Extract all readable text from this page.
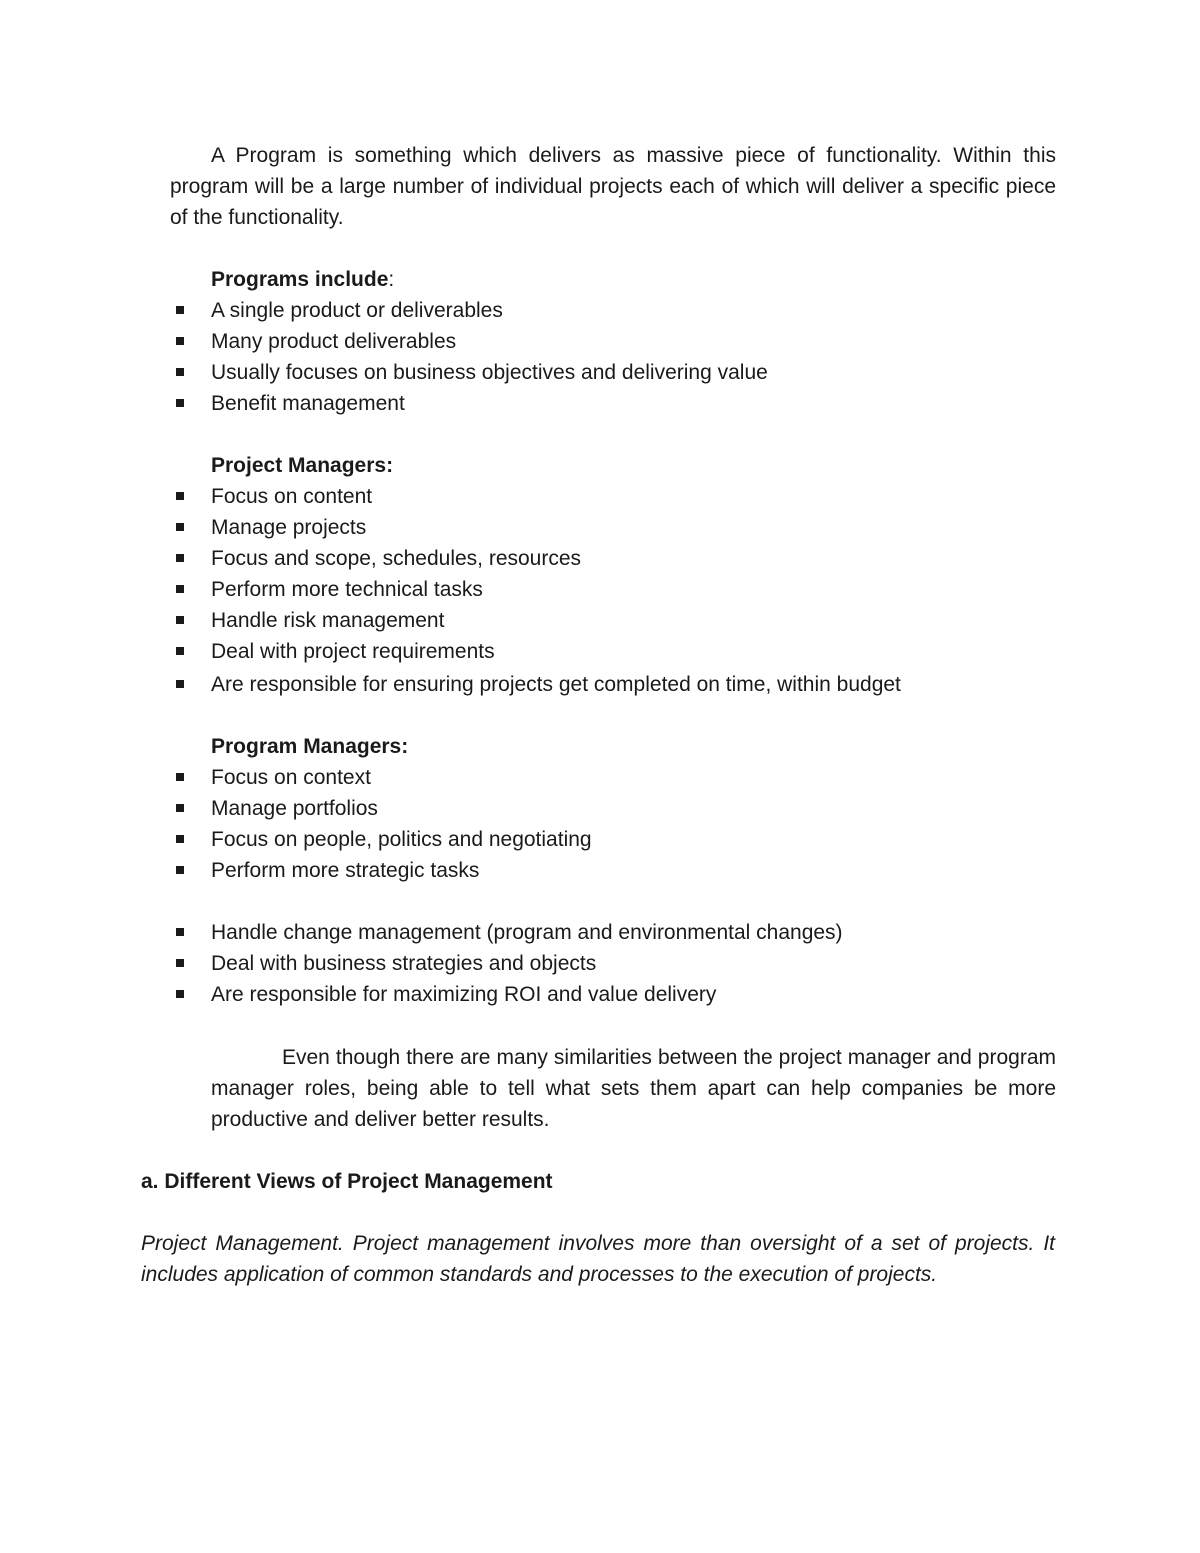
A Program is something which delivers as massive piece of functionality. Within this program will be a large number of individual projects each of which will deliver a specific piece of the functionality.
Programs include:
A single product or deliverables
Many product deliverables
Usually focuses on business objectives and delivering value
Benefit management
Project Managers:
Focus on content
Manage projects
Focus and scope, schedules, resources
Perform more technical tasks
Handle risk management
Deal with project requirements
Are responsible for ensuring projects get completed on time, within budget
Program Managers:
Focus on context
Manage portfolios
Focus on people, politics and negotiating
Perform more strategic tasks
Handle change management (program and environmental changes)
Deal with business strategies and objects
Are responsible for maximizing ROI and value delivery
Even though there are many similarities between the project manager and program manager roles, being able to tell what sets them apart can help companies be more productive and deliver better results.
a. Different Views of Project Management
Project Management. Project management involves more than oversight of a set of projects. It includes application of common standards and processes to the execution of projects.
